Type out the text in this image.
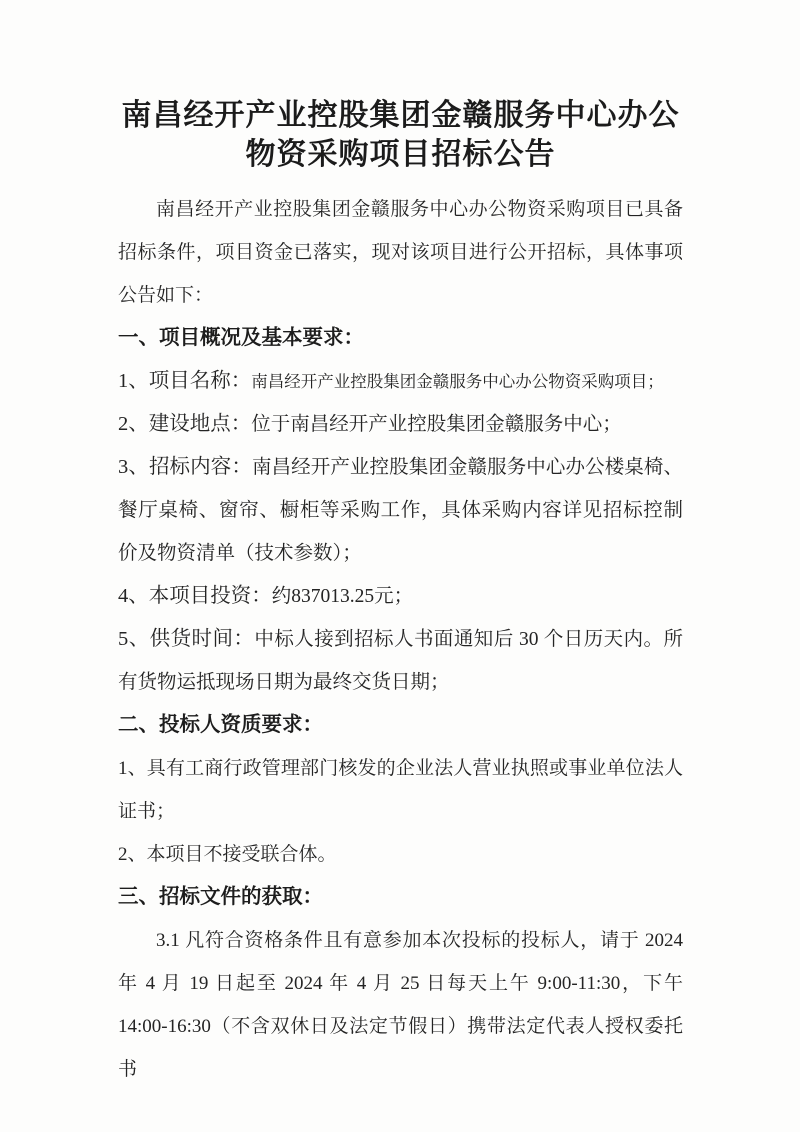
南昌经开产业控股集团金赣服务中心办公
物资采购项目招标公告

南昌经开产业控股集团金赣服务中心办公物资采购项目已具备招标条件，项目资金已落实，现对该项目进行公开招标，具体事项公告如下：

一、项目概况及基本要求：

1、项目名称：南昌经开产业控股集团金赣服务中心办公物资采购项目；

2、建设地点：位于南昌经开产业控股集团金赣服务中心；

3、招标内容：南昌经开产业控股集团金赣服务中心办公楼桌椅、餐厅桌椅、窗帘、橱柜等采购工作，具体采购内容详见招标控制价及物资清单（技术参数）；

4、本项目投资：约837013.25元；

5、供货时间：中标人接到招标人书面通知后 30 个日历天内。所有货物运抵现场日期为最终交货日期；

二、投标人资质要求：

1、具有工商行政管理部门核发的企业法人营业执照或事业单位法人证书；

2、本项目不接受联合体。

三、招标文件的获取：

3.1 凡符合资格条件且有意参加本次投标的投标人，请于 2024 年 4 月 19 日起至 2024 年 4 月 25 日每天上午 9:00-11:30，下午 14:00-16:30（不含双休日及法定节假日）携带法定代表人授权委托书
